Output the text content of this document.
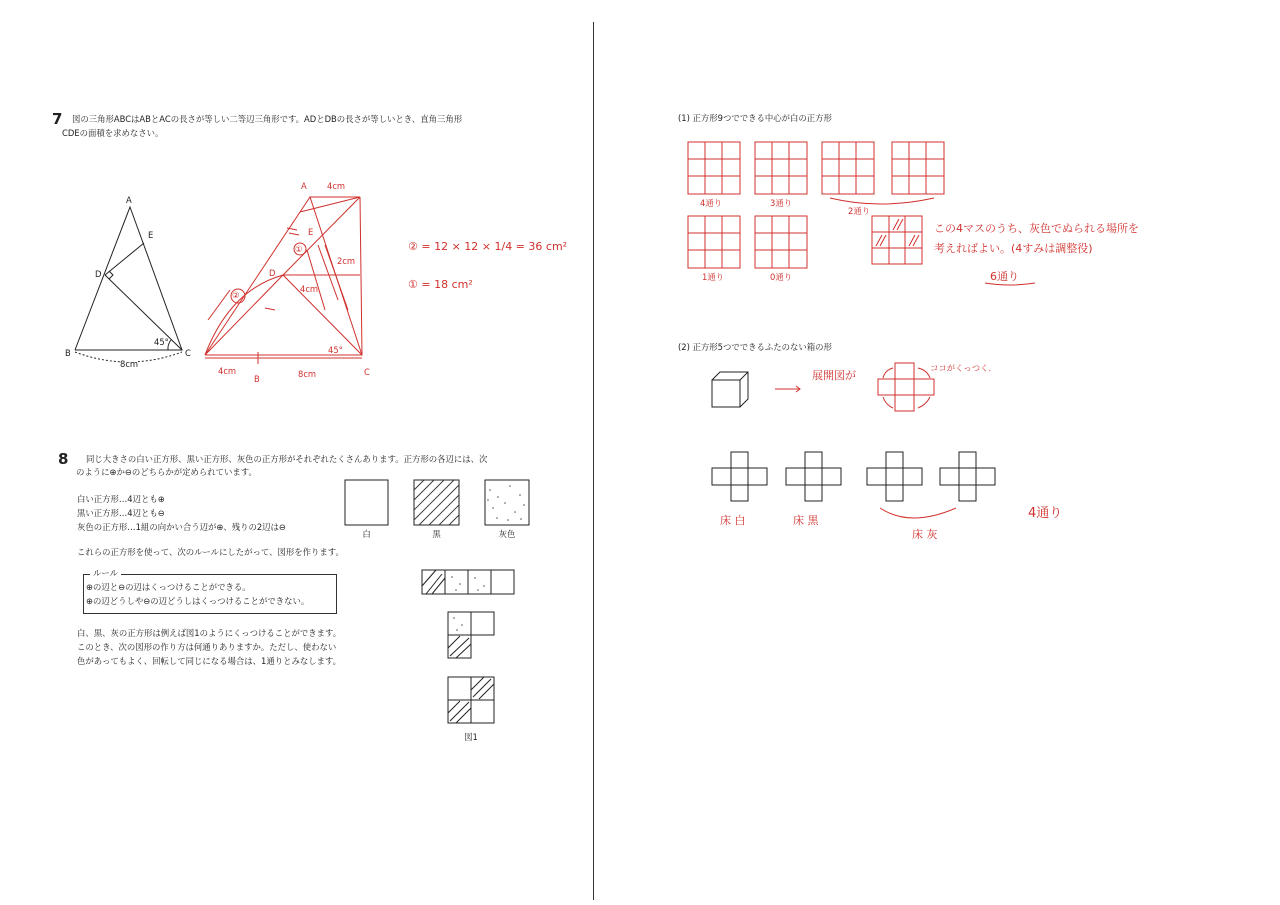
7 図の三角形ABCはABとACの長さが等しい二等辺三角形です。ADとDBの長さが等しいとき、直角三角形
CDEの面積を求めなさい。
A
E
D
B	C
45°
8cm
A 4cm
E
①
2cm
D
4cm
②
45°
4cm
B	8cm	C
② = 12 × 12 × 1/4 = 36 cm²
① = 18 cm²
8 同じ大きさの白い正方形、黒い正方形、灰色の正方形がそれぞれたくさんあります。正方形の各辺には、次
のように⊕か⊖のどちらかが定められています。
白い正方形…4辺とも⊕
黒い正方形…4辺とも⊖
灰色の正方形…1組の向かい合う辺が⊕、残りの2辺は⊖
これらの正方形を使って、次のルールにしたがって、図形を作ります。
ルール
⊕の辺と⊖の辺はくっつけることができる。
⊕の辺どうしや⊖の辺どうしはくっつけることができない。
白、黒、灰の正方形は例えば図1のようにくっつけることができます。
このとき、次の図形の作り方は何通りありますか。ただし、使わない
色があってもよく、回転して同じになる場合は、1通りとみなします。
白	黒	灰色
図1
(1) 正方形9つでできる中心が白の正方形
4通り	3通り
2通り
1通り	0通り
この4マスのうち、灰色でぬられる場所を
考えればよい。(4すみは調整役)
6通り
(2) 正方形5つでできるふたのない箱の形
展開図が
ココがくっつく.
床 白	床 黒
床 灰
4通り
